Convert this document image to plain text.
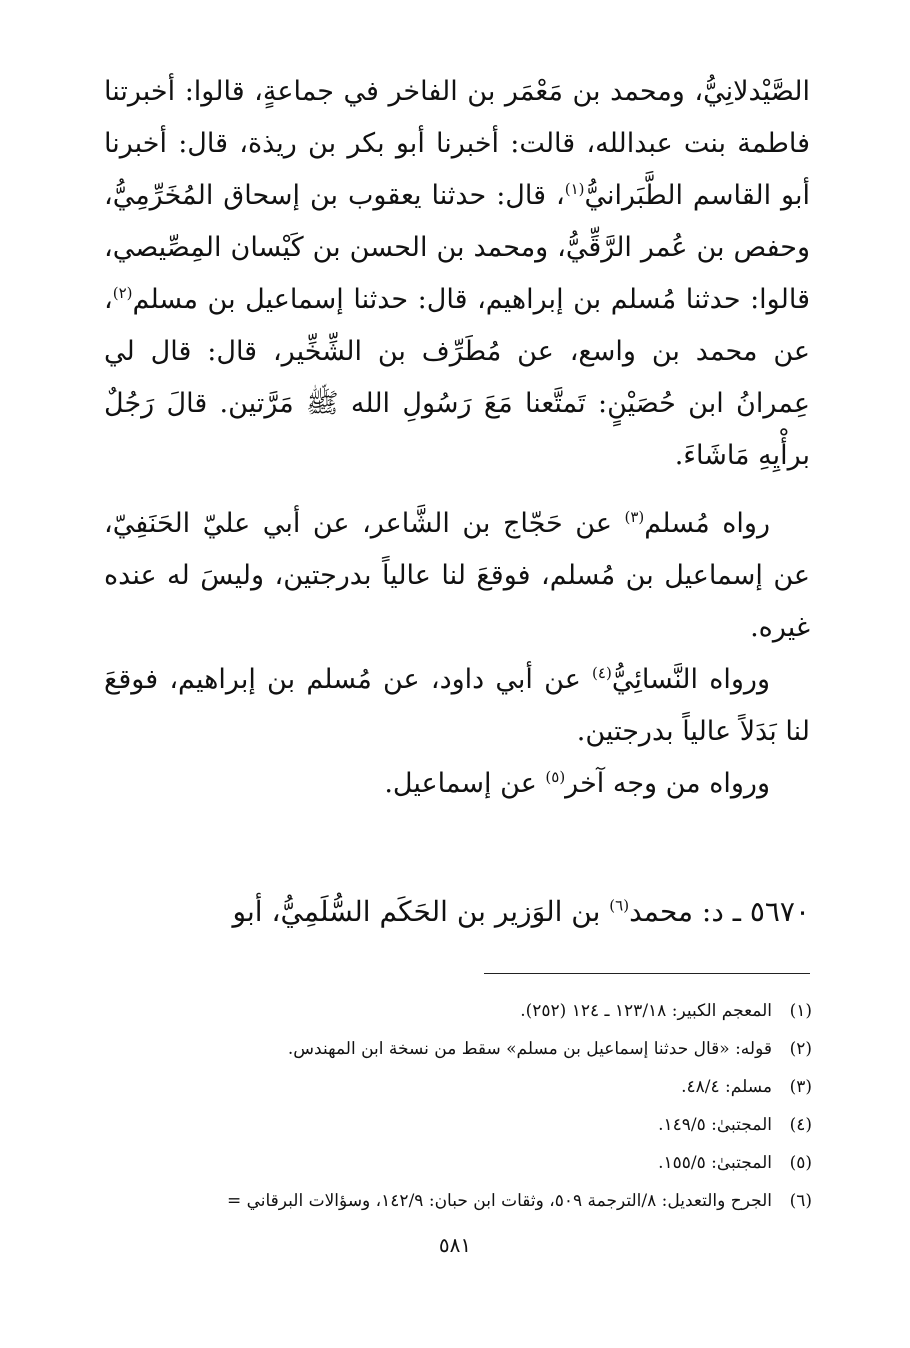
الصَّيْدلانِيُّ، ومحمد بن مَعْمَر بن الفاخر في جماعةٍ، قالوا: أخبرتنا فاطمة بنت عبدالله، قالت: أخبرنا أبو بكر بن ريذة، قال: أخبرنا أبو القاسم الطَّبَرانيُّ$^{(١)}$، قال: حدثنا يعقوب بن إسحاق المُخَرِّمِيُّ، وحفص بن عُمر الرَّقِّيُّ، ومحمد بن الحسن بن كَيْسان المِصِّيصي، قالوا: حدثنا مُسلم بن إبراهيم، قال: حدثنا إسماعيل بن مسلم$^{(٢)}$، عن محمد بن واسع، عن مُطَرِّف بن الشِّخِّير، قال: قال لي عِمرانُ ابن حُصَيْنٍ: تَمتَّعنا مَعَ رَسُولِ الله ﷺ مَرَّتين. قالَ رَجُلٌ برأْيِهِ مَاشَاءَ.

رواه مُسلم$^{(٣)}$ عن حَجّاج بن الشَّاعر، عن أبي عليّ الحَنَفِيّ، عن إسماعيل بن مُسلم، فوقعَ لنا عالياً بدرجتين، وليسَ له عنده غيره.

ورواه النَّسائِيُّ$^{(٤)}$ عن أبي داود، عن مُسلم بن إبراهيم، فوقعَ لنا بَدَلاً عالياً بدرجتين.

ورواه من وجه آخر$^{(٥)}$ عن إسماعيل.

٥٦٧٠ ـ د: محمد$^{(٦)}$ بن الوَزير بن الحَكَم السُّلَمِيُّ، أبو
(١)المعجم الكبير: ١٢٣/١٨ ـ ١٢٤ (٢٥٢).
(٢)قوله: «قال حدثنا إسماعيل بن مسلم» سقط من نسخة ابن المهندس.
(٣)مسلم: ٤٨/٤.
(٤)المجتبىٰ: ١٤٩/٥.
(٥)المجتبىٰ: ١٥٥/٥.
(٦)الجرح والتعديل: ٨/الترجمة ٥٠٩، وثقات ابن حبان: ١٤٢/٩، وسؤالات البرقاني =
٥٨١
